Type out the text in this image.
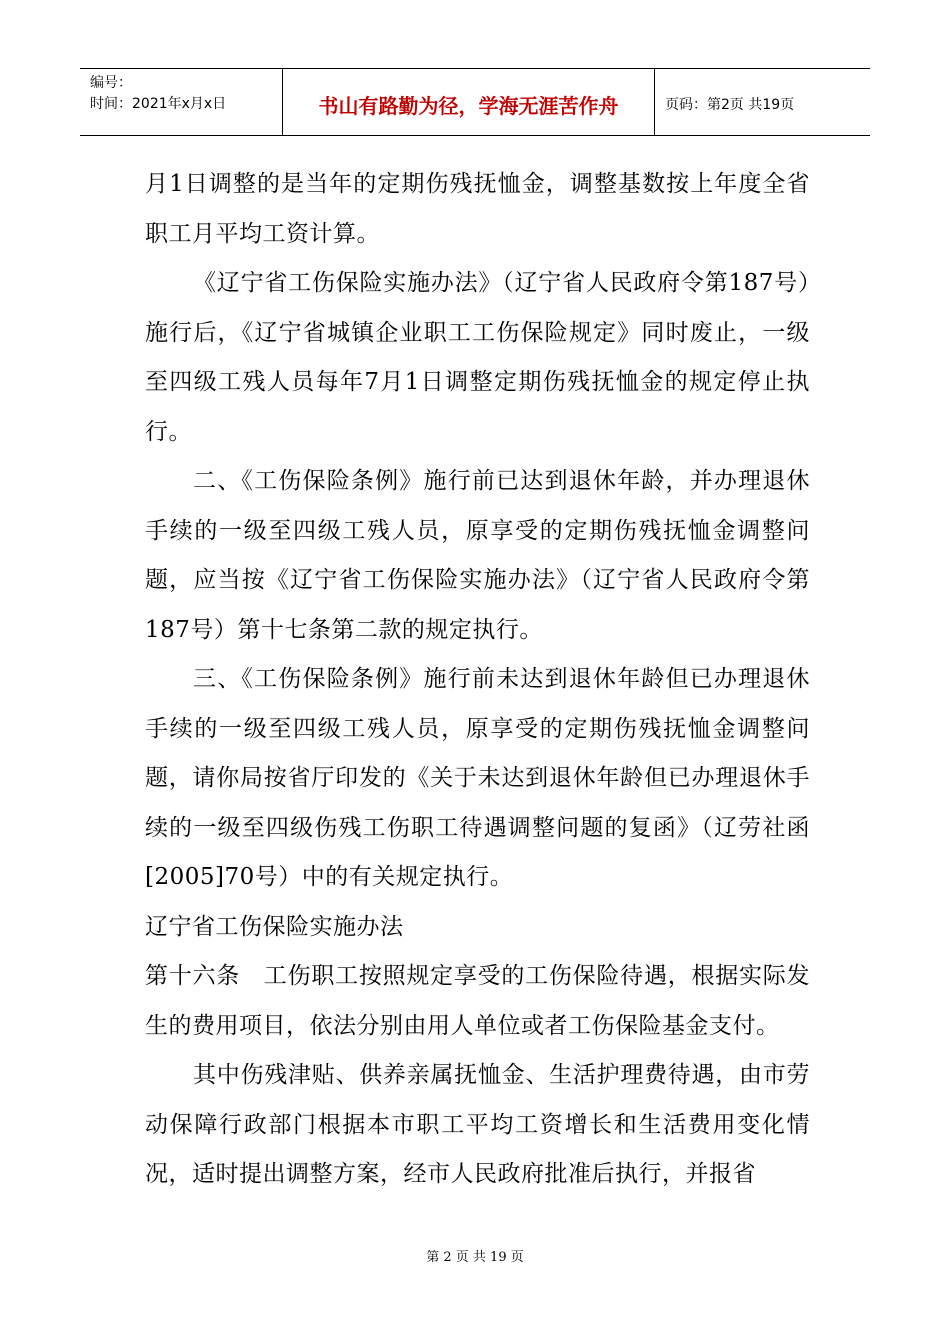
编号：
时间：2021年x月x日	书山有路勤为径，学海无涯苦作舟	页码：第2页 共19页

月1日调整的是当年的定期伤残抚恤金，调整基数按上年度全省职工月平均工资计算。

《辽宁省工伤保险实施办法》（辽宁省人民政府令第187号）施行后，《辽宁省城镇企业职工工伤保险规定》同时废止，一级至四级工残人员每年7月1日调整定期伤残抚恤金的规定停止执行。

二、《工伤保险条例》施行前已达到退休年龄，并办理退休手续的一级至四级工残人员，原享受的定期伤残抚恤金调整问题，应当按《辽宁省工伤保险实施办法》（辽宁省人民政府令第187号）第十七条第二款的规定执行。

三、《工伤保险条例》施行前未达到退休年龄但已办理退休手续的一级至四级工残人员，原享受的定期伤残抚恤金调整问题，请你局按省厅印发的《关于未达到退休年龄但已办理退休手续的一级至四级伤残工伤职工待遇调整问题的复函》（辽劳社函[2005]70号）中的有关规定执行。

辽宁省工伤保险实施办法

第十六条　工伤职工按照规定享受的工伤保险待遇，根据实际发生的费用项目，依法分别由用人单位或者工伤保险基金支付。

其中伤残津贴、供养亲属抚恤金、生活护理费待遇，由市劳动保障行政部门根据本市职工平均工资增长和生活费用变化情况，适时提出调整方案，经市人民政府批准后执行，并报省

第 2 页 共 19 页
